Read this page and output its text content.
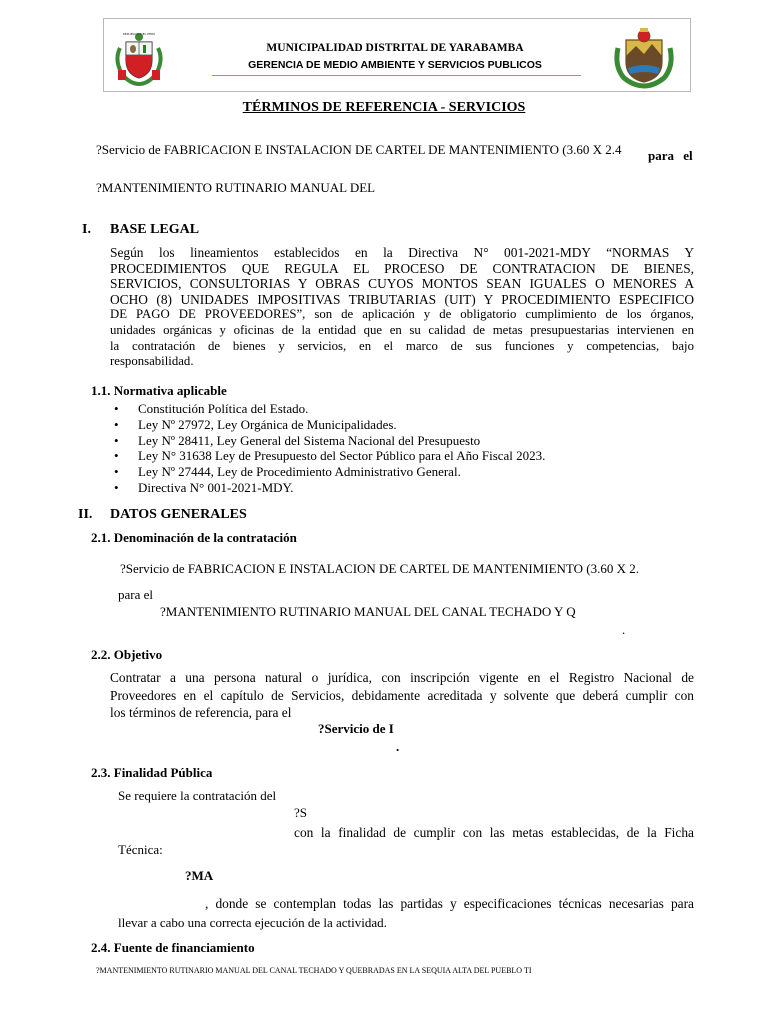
REPUBLICA DEL PERU
MUNICIPALIDAD DISTRITAL DE YARABAMBA
GERENCIA DE MEDIO AMBIENTE Y SERVICIOS PUBLICOS
TÉRMINOS DE REFERENCIA - SERVICIOS
?Servicio de FABRICACION E INSTALACION DE CARTEL DE MANTENIMIENTO (3.60 X 2.4	para el
?MANTENIMIENTO RUTINARIO MANUAL DEL
I. BASE LEGAL
Según los lineamientos establecidos en la Directiva N° 001-2021-MDY “NORMAS Y
PROCEDIMIENTOS QUE REGULA EL PROCESO DE CONTRATACION DE BIENES,
SERVICIOS, CONSULTORIAS Y OBRAS CUYOS MONTOS SEAN IGUALES O MENORES A
OCHO (8) UNIDADES IMPOSITIVAS TRIBUTARIAS (UIT) Y PROCEDIMIENTO ESPECIFICO
DE PAGO DE PROVEEDORES”, son de aplicación y de obligatorio cumplimiento de los órganos,
unidades orgánicas y oficinas de la entidad que en su calidad de metas presupuestarias intervienen en
la contratación de bienes y servicios, en el marco de sus funciones y competencias, bajo
responsabilidad.
1.1. Normativa aplicable
• Constitución Política del Estado.
• Ley Nº 27972, Ley Orgánica de Municipalidades.
• Ley Nº 28411, Ley General del Sistema Nacional del Presupuesto
• Ley N° 31638 Ley de Presupuesto del Sector Público para el Año Fiscal 2023.
• Ley Nº 27444, Ley de Procedimiento Administrativo General.
• Directiva N° 001-2021-MDY.
II. DATOS GENERALES
2.1. Denominación de la contratación
?Servicio de FABRICACION E INSTALACION DE CARTEL DE MANTENIMIENTO (3.60 X 2.
para el
?MANTENIMIENTO RUTINARIO MANUAL DEL CANAL TECHADO Y Q
.
2.2. Objetivo
Contratar a una persona natural o jurídica, con inscripción vigente en el Registro Nacional de
Proveedores en el capítulo de Servicios, debidamente acreditada y solvente que deberá cumplir con
los términos de referencia, para el
?Servicio de I
.
2.3. Finalidad Pública
Se requiere la contratación del
?S
con la finalidad de cumplir con las metas establecidas, de la Ficha
Técnica:
?MA
, donde se contemplan todas las partidas y especificaciones técnicas necesarias para
llevar a cabo una correcta ejecución de la actividad.
2.4. Fuente de financiamiento
?MANTENIMIENTO RUTINARIO MANUAL DEL CANAL TECHADO Y QUEBRADAS EN LA SEQUIA ALTA DEL PUEBLO TI
